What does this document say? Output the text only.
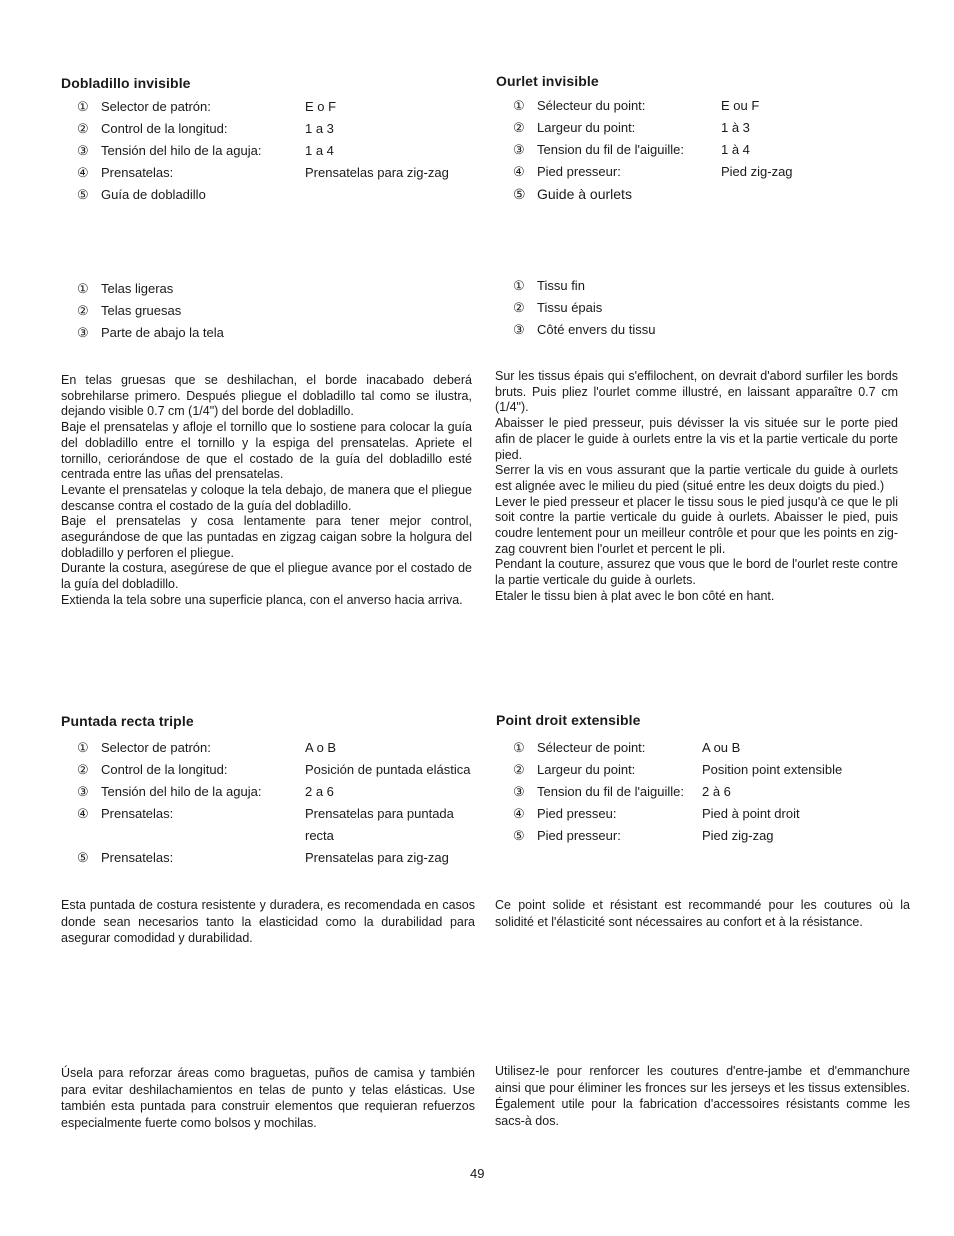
Dobladillo invisible
① Selector de patrón:	E o F
② Control de la longitud:	1 a 3
③ Tensión del hilo de la aguja:	1 a 4
④ Prensatelas:	Prensatelas para zig-zag
⑤ Guía de dobladillo
① Telas ligeras
② Telas gruesas
③ Parte de abajo la tela

En telas gruesas que se deshilachan, el borde inacabado deberá sobrehilarse primero. Después pliegue el dobladillo tal como se ilustra, dejando visible 0.7 cm (1/4") del borde del dobladillo.

Baje el prensatelas y afloje el tornillo que lo sostiene para colocar la guía del dobladillo entre el tornillo y la espiga del prensatelas. Apriete el tornillo, ceriorándose de que el costado de la guía del dobladillo esté centrada entre las uñas del prensatelas.

Levante el prensatelas y coloque la tela debajo, de manera que el pliegue descanse contra el costado de la guía del dobladillo.

Baje el prensatelas y cosa lentamente para tener mejor control, asegurándose de que las puntadas en zigzag caigan sobre la holgura del dobladillo y perforen el pliegue.

Durante la costura, asegúrese de que el pliegue avance por el costado de la guía del dobladillo.

Extienda la tela sobre una superficie planca, con el anverso hacia arriva.

Ourlet invisible
① Sélecteur du point:	E ou F
② Largeur du point:	1 à 3
③ Tension du fil de l'aiguille:	1 à 4
④ Pied presseur:	Pied zig-zag
⑤ Guide à ourlets
① Tissu fin
② Tissu épais
③ Côté envers du tissu

Sur les tissus épais qui s'effilochent, on devrait d'abord surfiler les bords bruts. Puis pliez l'ourlet comme illustré, en laissant apparaître 0.7 cm (1/4").

Abaisser le pied presseur, puis dévisser la vis située sur le porte pied afin de placer le guide à ourlets entre la vis et la partie verticale du porte pied.

Serrer la vis en vous assurant que la partie verticale du guide à ourlets est alignée avec le milieu du pied (situé entre les deux doigts du pied.)

Lever le pied presseur et placer le tissu sous le pied jusqu'à ce que le pli soit contre la partie verticale du guide à ourlets. Abaisser le pied, puis coudre lentement pour un meilleur contrôle et pour que les points en zig-zag couvrent bien l'ourlet et percent le pli.

Pendant la couture, assurez que vous que le bord de l'ourlet reste contre la partie verticale du guide à ourlets.

Etaler le tissu bien à plat avec le bon côté en hant.

Puntada recta triple
① Selector de patrón:	A o B
② Control de la longitud:	Posición de puntada elástica
③ Tensión del hilo de la aguja:	2 a 6
④ Prensatelas:	Prensatelas para puntada
recta
⑤ Prensatelas:	Prensatelas para zig-zag

Esta puntada de costura resistente y duradera, es recomendada en casos donde sean necesarios tanto la elasticidad como la durabilidad para asegurar comodidad y durabilidad.

Úsela para reforzar áreas como braguetas, puños de camisa y también para evitar deshilachamientos en telas de punto y telas elásticas. Use también esta puntada para construir elementos que requieran refuerzos especialmente fuerte como bolsos y mochilas.

Point droit extensible
① Sélecteur de point:	A ou B
② Largeur du point:	Position point extensible
③ Tension du fil de l'aiguille: 2 à 6
④ Pied presseu:	Pied à point droit
⑤ Pied presseur:	Pied zig-zag

Ce point solide et résistant est recommandé pour les coutures où la solidité et l'élasticité sont nécessaires au confort et à la résistance.

Utilisez-le pour renforcer les coutures d'entre-jambe et d'emmanchure ainsi que pour éliminer les fronces sur les jerseys et les tissus extensibles. Également utile pour la fabrication d'accessoires résistants comme les sacs-à dos.

49
